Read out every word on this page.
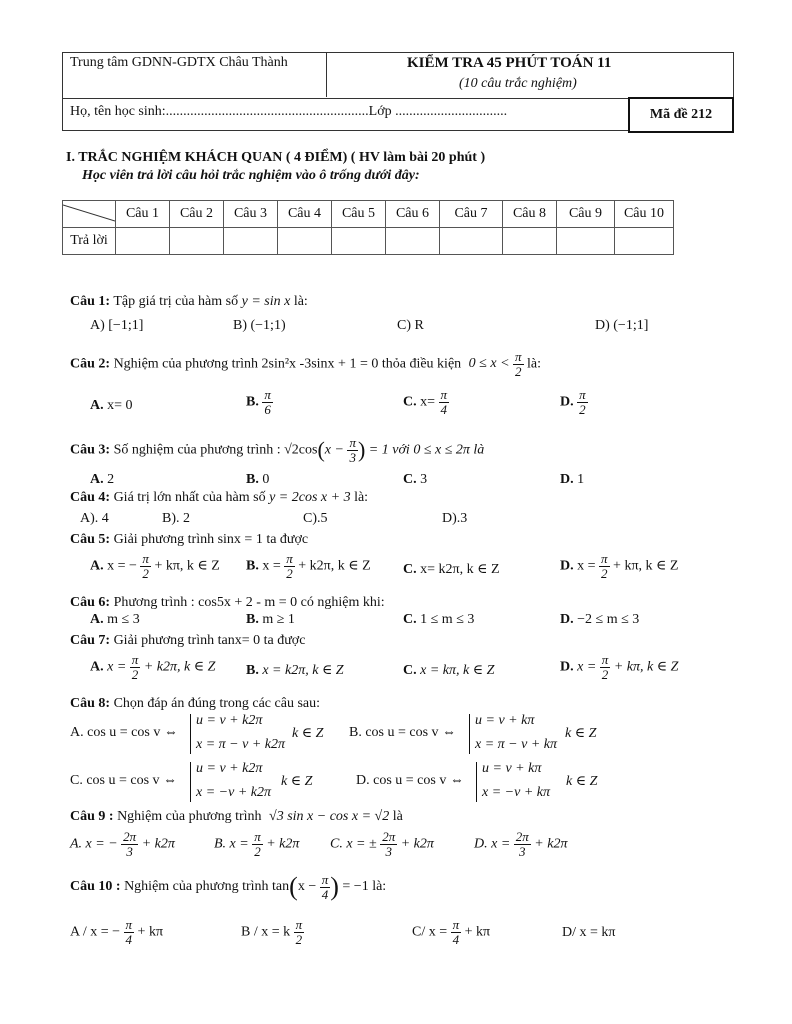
Trung tâm GDNN-GDTX Châu Thành	KIỂM TRA 45 PHÚT TOÁN 11
(10 câu trắc nghiệm)
Họ, tên học sinh:..........................................................Lớp ................................	Mã đề 212
I. TRẮC NGHIỆM KHÁCH QUAN ( 4 ĐIỂM) ( HV làm bài 20 phút )
Học viên trả lời câu hỏi trắc nghiệm vào ô trống dưới đây:
	Câu 1	Câu 2	Câu 3	Câu 4	Câu 5	Câu 6	Câu 7	Câu 8	Câu 9	Câu 10
Trả lời										
Câu 1: Tập giá trị của hàm số y = sin x là:
A) [−1;1]	B) (−1;1)	C) R	D) (−1;1]
Câu 2: Nghiệm của phương trình 2sin²x -3sinx + 1 = 0 thỏa điều kiện $0 \le x < \frac{\pi}{2}$ là:
A. x= 0	B. $\frac{\pi}{6}$	C. $x= \frac{\pi}{4}$	D. $\frac{\pi}{2}$
Câu 3: Số nghiệm của phương trình : $√2\cos(x - \frac{\pi}{3}$ ) = 1 với 0 ≤ x ≤ 2π là
A. 2	B. 0	C. 3	D. 1
Câu 4: Giá trị lớn nhất của hàm số y = 2cos x + 3 là:
A). 4	B). 2	C).5	D).3
Câu 5: Giải phương trình sinx = 1 ta được
A. x = − $\frac{\pi}{2} + k\pi$, k ∈ Z B. $x = \frac{\pi}{2} + k2\pi$, k ∈ Z C. x= k2π, k ∈ Z	D. $x = \frac{\pi}{2} + k\pi$, k ∈ Z
Câu 6: Phương trình : cos5x + 2 - m = 0 có nghiệm khi:
A. m ≤ 3	B. m ≥ 1	C. 1 ≤ m ≤ 3	D. −2 ≤ m ≤ 3
Câu 7: Giải phương trình tanx= 0 ta được
A. $x = \frac{\pi}{2} + k2\pi$, k ∈ Z B. x = k2π, k ∈ Z	C. x = kπ, k ∈ Z	D. $x = \frac{\pi}{2} + k\pi$, k ∈ Z
Câu 8: Chọn đáp án đúng trong các câu sau:
A. cos u = cos v ⇔
u = v + k2π
x = π − v + k2π
k ∈ Z B. cos u = cos v ⇔
u = v + kπ
x = π − v + kπ
k ∈ Z
C. cos u = cos v ⇔
u = v + k2π
x = −v + k2π
k ∈ Z	D. cos u = cos v ⇔
u = v + kπ
x = −v + kπ
k ∈ Z
Câu 9 : Nghiệm của phương trình √3 sin x − cos x = √2 là
A. x = − $\frac{2\pi}{3} + k2\pi$	B. $x = \frac{\pi}{2} + k2\pi$ C. x = ± $\frac{2\pi}{3} + k2\pi$	D. $x = \frac{2\pi}{3} + k2\pi$
Câu 10 : Nghiệm của phương trình $\tan(x - \frac{\pi}{4}$ ) = −1 là:
A / x = − $\frac{\pi}{4} + k\pi$	B / x = k $\frac{\pi}{2}$	C/ $x = \frac{\pi}{4} + k\pi$	D/ x = kπ
